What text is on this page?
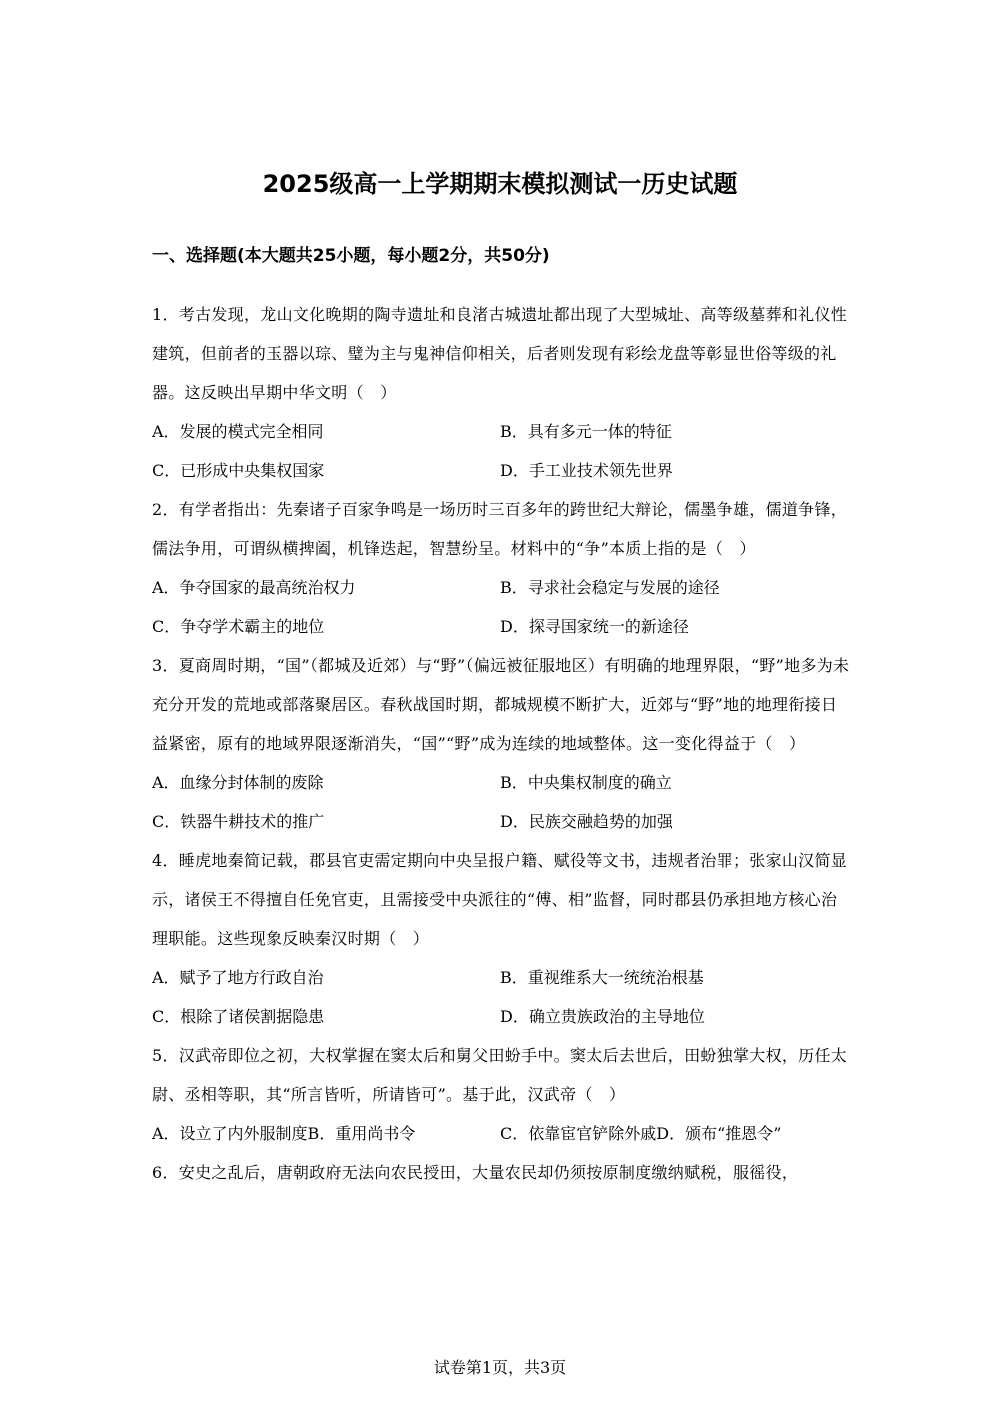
2025级高一上学期期末模拟测试一历史试题
一、选择题(本大题共25小题，每小题2分，共50分)

1．考古发现，龙山文化晚期的陶寺遗址和良渚古城遗址都出现了大型城址、高等级墓葬和礼仪性建筑，但前者的玉器以琮、璧为主与鬼神信仰相关，后者则发现有彩绘龙盘等彰显世俗等级的礼器。这反映出早期中华文明（　）

A．发展的模式完全相同	B．具有多元一体的特征
C．已形成中央集权国家	D．手工业技术领先世界

2．有学者指出：先秦诸子百家争鸣是一场历时三百多年的跨世纪大辩论，儒墨争雄，儒道争锋，儒法争用，可谓纵横捭阖，机锋迭起，智慧纷呈。材料中的“争”本质上指的是（　）

A．争夺国家的最高统治权力	B．寻求社会稳定与发展的途径
C．争夺学术霸主的地位	D．探寻国家统一的新途径

3．夏商周时期，“国”（都城及近郊）与“野”（偏远被征服地区）有明确的地理界限，“野”地多为未充分开发的荒地或部落聚居区。春秋战国时期，都城规模不断扩大，近郊与“野”地的地理衔接日益紧密，原有的地域界限逐渐消失，“国”“野”成为连续的地域整体。这一变化得益于（　）

A．血缘分封体制的废除	B．中央集权制度的确立
C．铁器牛耕技术的推广	D．民族交融趋势的加强

4．睡虎地秦简记载，郡县官吏需定期向中央呈报户籍、赋役等文书，违规者治罪；张家山汉简显示，诸侯王不得擅自任免官吏，且需接受中央派往的“傅、相”监督，同时郡县仍承担地方核心治理职能。这些现象反映秦汉时期（　）

A．赋予了地方行政自治	B．重视维系大一统统治根基
C．根除了诸侯割据隐患	D．确立贵族政治的主导地位

5．汉武帝即位之初，大权掌握在窦太后和舅父田蚡手中。窦太后去世后，田蚡独掌大权，历任太尉、丞相等职，其“所言皆听，所请皆可”。基于此，汉武帝（　）

A．设立了内外服制度B．重用尚书令	C．依靠宦官铲除外戚D．颁布“推恩令”

6．安史之乱后，唐朝政府无法向农民授田，大量农民却仍须按原制度缴纳赋税，服徭役，

试卷第1页，共3页
